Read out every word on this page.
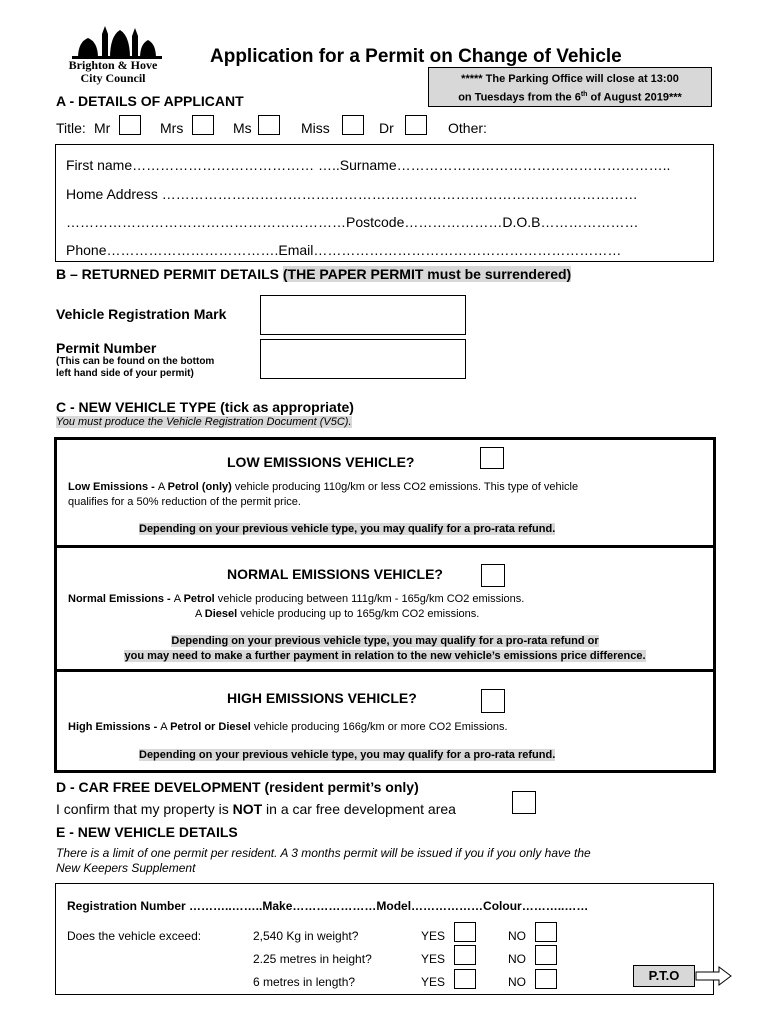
Brighton & Hove
City Council
Application for a Permit on Change of Vehicle
***** The Parking Office will close at 13:00
on Tuesdays from the 6th of August 2019***
A - DETAILS OF APPLICANT
Title: Mr	Mrs	Ms	Miss	Dr	Other:
First name………………………………… …..Surname…………………………………………………..
Home Address …………………………………………………………………………………………
……………………………………………………Postcode…………………D.O.B…………………
Phone……………………………….Email…………………………………………………………
B – RETURNED PERMIT DETAILS (THE PAPER PERMIT must be surrendered)
Vehicle Registration Mark
Permit Number
(This can be found on the bottom
left hand side of your permit)
C - NEW VEHICLE TYPE (tick as appropriate)
You must produce the Vehicle Registration Document (V5C).
LOW EMISSIONS VEHICLE?
Low Emissions - A Petrol (only) vehicle producing 110g/km or less CO2 emissions. This type of vehicle
qualifies for a 50% reduction of the permit price.
Depending on your previous vehicle type, you may qualify for a pro-rata refund.
NORMAL EMISSIONS VEHICLE?
Normal Emissions - A Petrol vehicle producing between 111g/km - 165g/km CO2 emissions.
A Diesel vehicle producing up to 165g/km CO2 emissions.
Depending on your previous vehicle type, you may qualify for a pro-rata refund or
you may need to make a further payment in relation to the new vehicle’s emissions price difference.
HIGH EMISSIONS VEHICLE?
High Emissions - A Petrol or Diesel vehicle producing 166g/km or more CO2 Emissions.
Depending on your previous vehicle type, you may qualify for a pro-rata refund.
D - CAR FREE DEVELOPMENT (resident permit’s only)
I confirm that my property is NOT in a car free development area
E - NEW VEHICLE DETAILS
There is a limit of one permit per resident. A 3 months permit will be issued if you if you only have the
New Keepers Supplement
Registration Number ………..……..Make…………………Model………………Colour………..……
Does the vehicle exceed:	2,540 Kg in weight?	YES	NO
2.25 metres in height?	YES	NO
6 metres in length?	YES	NO	P.T.O
